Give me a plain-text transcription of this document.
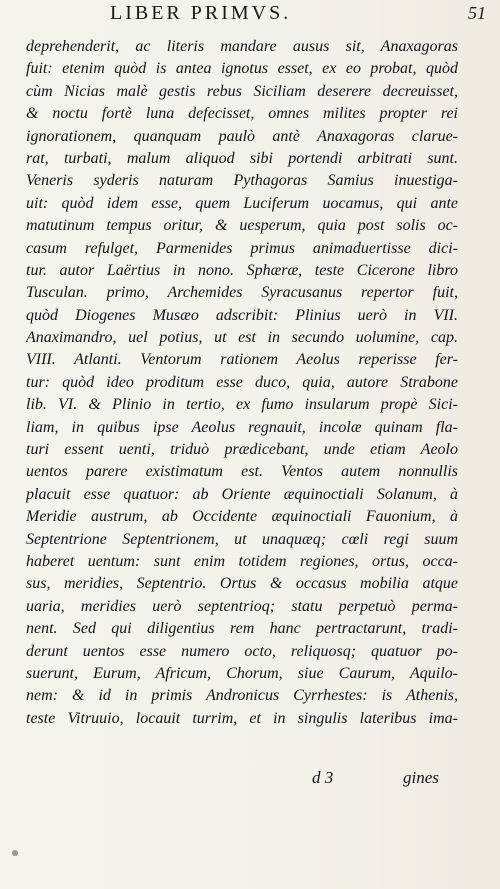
LIBER PRIMVS.	51
deprehenderit, ac literis mandare ausus sit, Anaxagoras
fuit: etenim quòd is antea ignotus esset, ex eo probat, quòd
cùm Nicias malè gestis rebus Siciliam deserere decreuisset,
& noctu fortè luna defecisset, omnes milites propter rei
ignorationem, quanquam paulò antè Anaxagoras clarue-
rat, turbati, malum aliquod sibi portendi arbitrati sunt.
Veneris syderis naturam Pythagoras Samius inuestiga-
uit: quòd idem esse, quem Luciferum uocamus, qui ante
matutinum tempus oritur, & uesperum, quia post solis oc-
casum refulget, Parmenides primus animaduertisse dici-
tur. autor Laërtius in nono. Sphæræ, teste Cicerone libro
Tusculan. primo, Archemides Syracusanus repertor fuit,
quòd Diogenes Musæo adscribit: Plinius uerò in VII.
Anaximandro, uel potius, ut est in secundo uolumine, cap.
VIII. Atlanti. Ventorum rationem Aeolus reperisse fer-
tur: quòd ideo proditum esse duco, quia, autore Strabone
lib. VI. & Plinio in tertio, ex fumo insularum propè Sici-
liam, in quibus ipse Aeolus regnauit, incolæ quinam fla-
turi essent uenti, triduò prædicebant, unde etiam Aeolo
uentos parere existimatum est. Ventos autem nonnullis
placuit esse quatuor: ab Oriente æquinoctiali Solanum, à
Meridie austrum, ab Occidente æquinoctiali Fauonium, à
Septentrione Septentrionem, ut unaquæq; cœli regi suum
haberet uentum: sunt enim totidem regiones, ortus, occa-
sus, meridies, Septentrio. Ortus & occasus mobilia atque
uaria, meridies uerò septentrioq; statu perpetuò perma-
nent. Sed qui diligentius rem hanc pertractarunt, tradi-
derunt uentos esse numero octo, reliquosq; quatuor po-
suerunt, Eurum, Africum, Chorum, siue Caurum, Aquilo-
nem: & id in primis Andronicus Cyrrhestes: is Athenis,
teste Vitruuio, locauit turrim, et in singulis lateribus ima-
d 3	gines
